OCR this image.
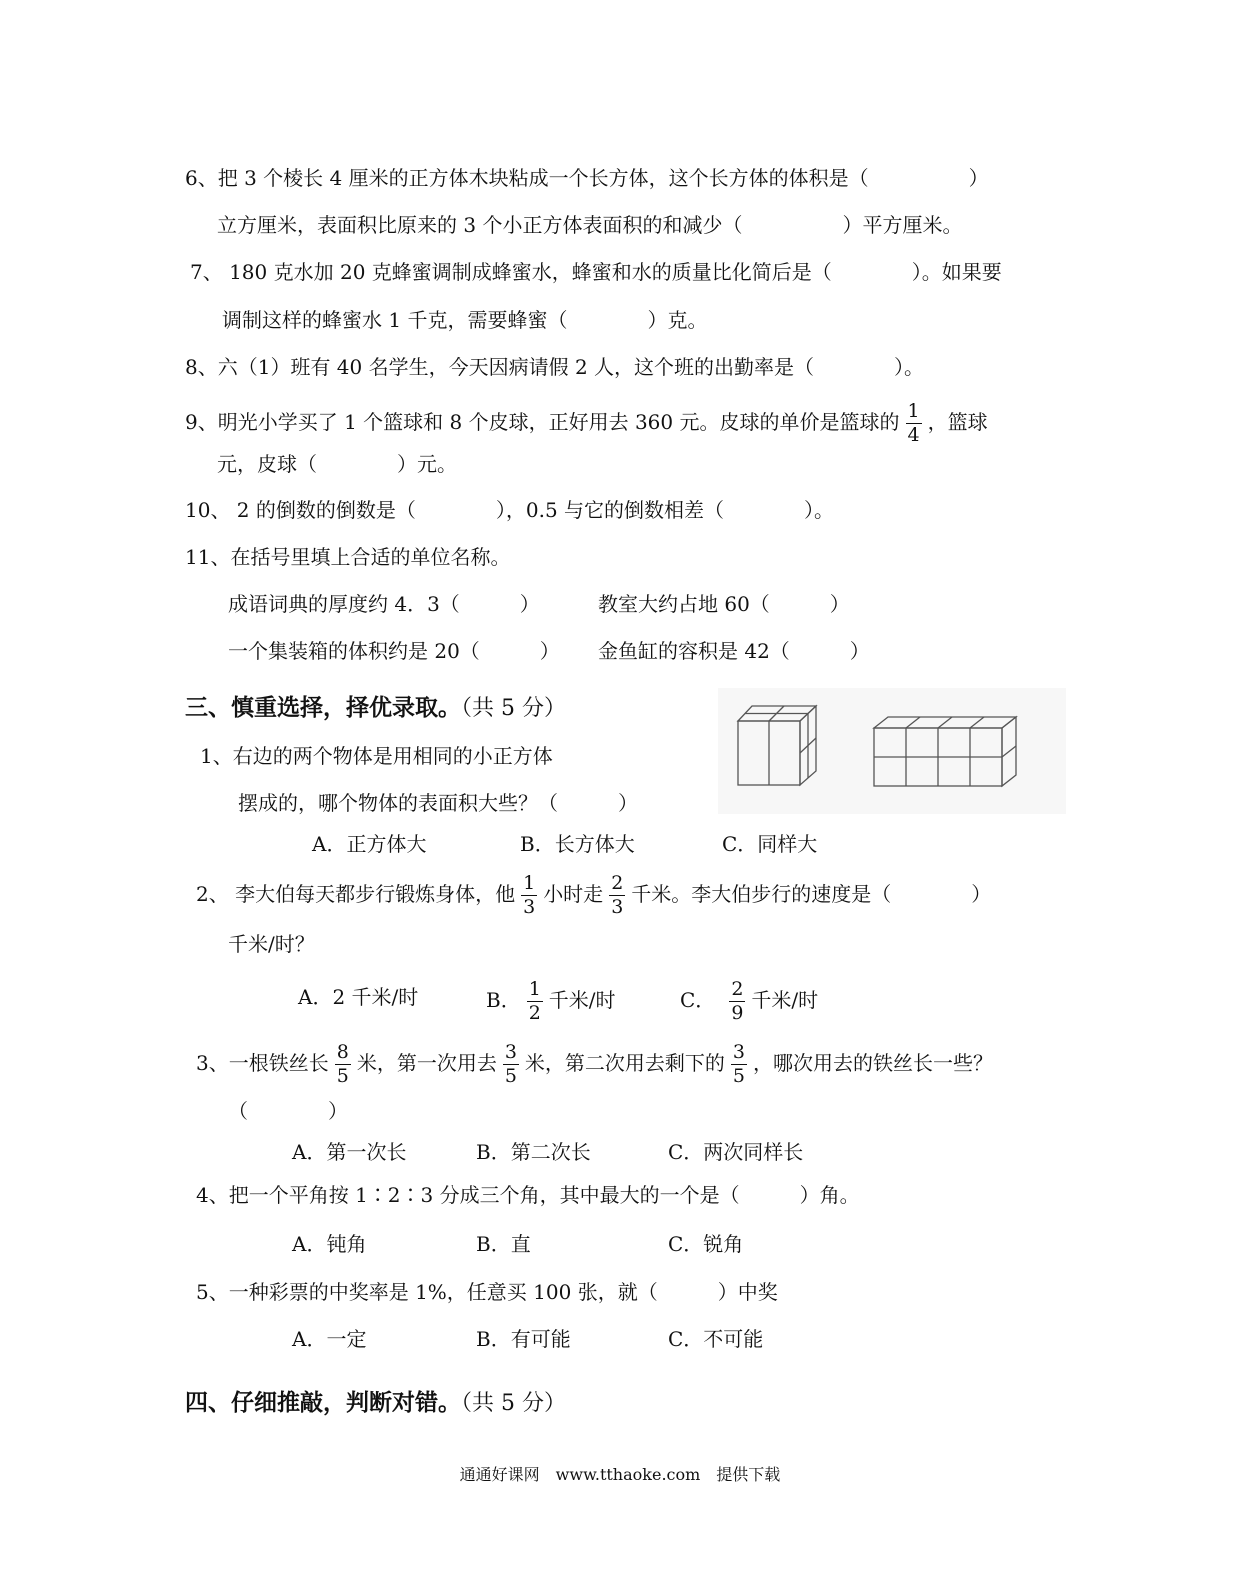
6、把 3 个棱长 4 厘米的正方体木块粘成一个长方体，这个长方体的体积是（　　　　　）
立方厘米，表面积比原来的 3 个小正方体表面积的和减少（　　　　　）平方厘米。
7、 180 克水加 20 克蜂蜜调制成蜂蜜水，蜂蜜和水的质量比化简后是（　　　　）。如果要
调制这样的蜂蜜水 1 千克，需要蜂蜜（　　　　）克。
8、六（1）班有 40 名学生，今天因病请假 2 人，这个班的出勤率是（　　　　）。
9、明光小学买了 1 个篮球和 8 个皮球，正好用去 360 元。皮球的单价是篮球的 $\frac{1}{4}$ ，篮球
元，皮球（　　　　）元。
10、 2 的倒数的倒数是（　　　　），0.5 与它的倒数相差（　　　　）。
11、在括号里填上合适的单位名称。
成语词典的厚度约 4．3（　　　）	教室大约占地 60（　　　）
一个集装箱的体积约是 20（　　　） 金鱼缸的容积是 42（　　　）
三、慎重选择，择优录取。（共 5 分）
1、右边的两个物体是用相同的小正方体
摆成的，哪个物体的表面积大些？（　　　）
A．正方体大	B．长方体大	C．同样大
2、 李大伯每天都步行锻炼身体，他 $\frac{1}{3}$ 小时走 $\frac{2}{3}$ 千米。李大伯步行的速度是（　　　　）
千米/时？
A．2 千米/时	B． $\frac{1}{2}$ 千米/时	C． $\frac{2}{9}$ 千米/时
3、一根铁丝长 $\frac{8}{5}$ 米，第一次用去 $\frac{3}{5}$ 米，第二次用去剩下的 $\frac{3}{5}$ ，哪次用去的铁丝长一些？
（　　　　）
A．第一次长	B．第二次长	C．两次同样长
4、把一个平角按 1∶2∶3 分成三个角，其中最大的一个是（　　　）角。
A．钝角	B．直	C．锐角
5、一种彩票的中奖率是 1%，任意买 100 张，就（　　　）中奖
A．一定	B．有可能	C．不可能
四、仔细推敲，判断对错。（共 5 分）
通通好课网　www.tthaoke.com　提供下载
